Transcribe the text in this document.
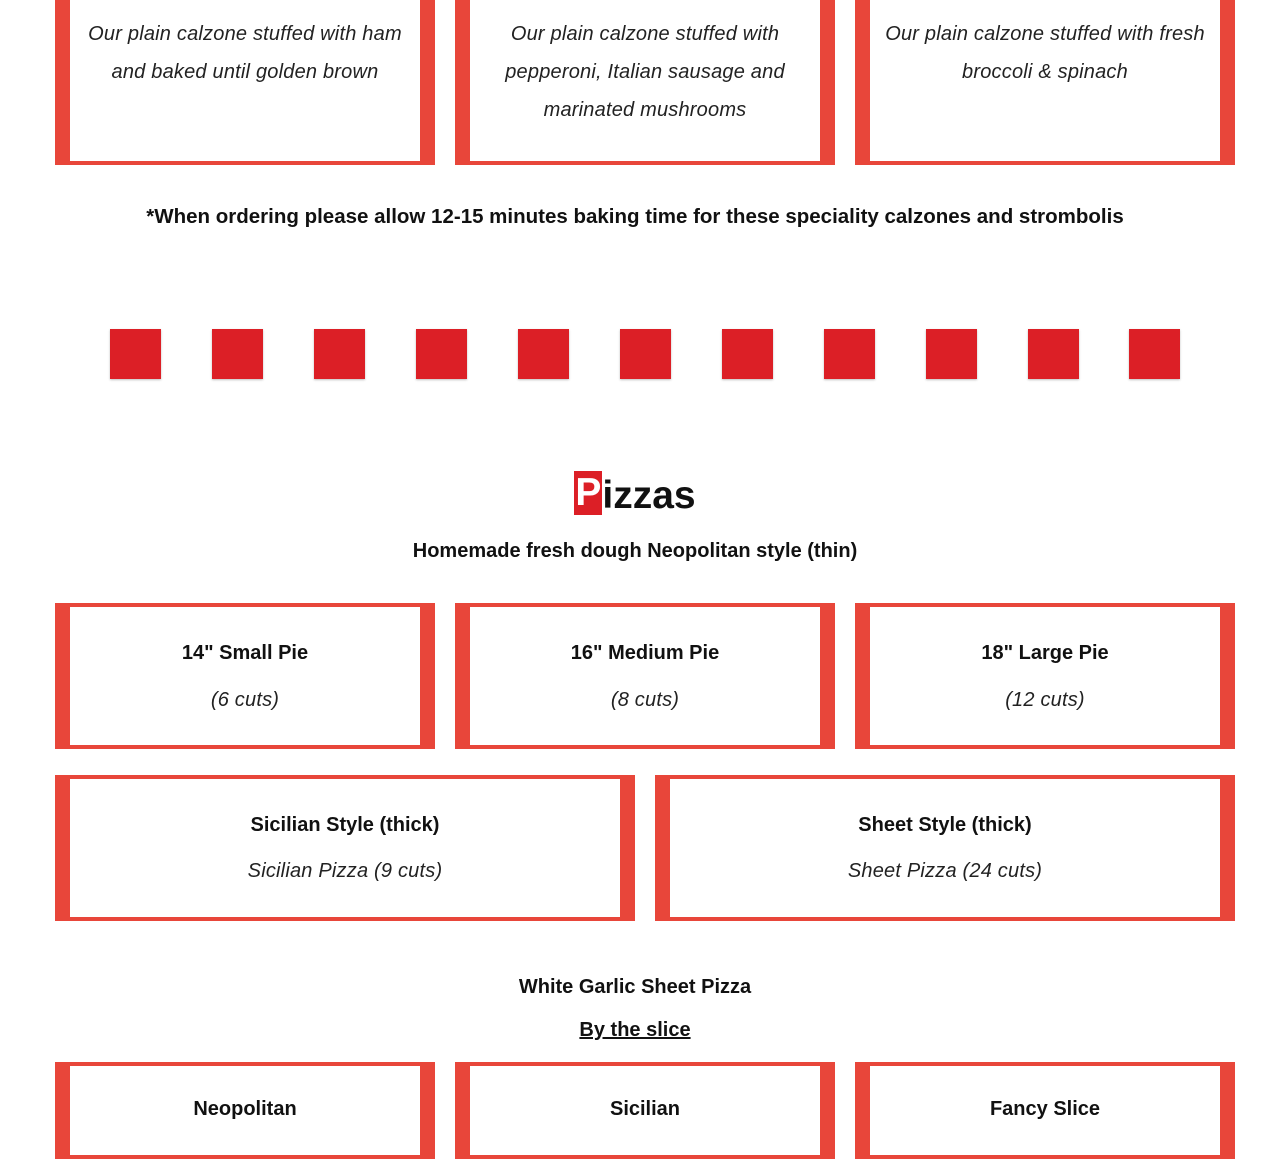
Our plain calzone stuffed with ham and baked until golden brown

Our plain calzone stuffed with pepperoni, Italian sausage and marinated mushrooms

Our plain calzone stuffed with fresh broccoli & spinach

*When ordering please allow 12-15 minutes baking time for these speciality calzones and strombolis

Pizzas

Homemade fresh dough Neopolitan style (thin)

14" Small Pie

(6 cuts)

16" Medium Pie

(8 cuts)

18" Large Pie

(12 cuts)

Sicilian Style (thick)

Sicilian Pizza (9 cuts)

Sheet Style (thick)

Sheet Pizza (24 cuts)

White Garlic Sheet Pizza

By the slice

Neopolitan	Sicilian	Fancy Slice
